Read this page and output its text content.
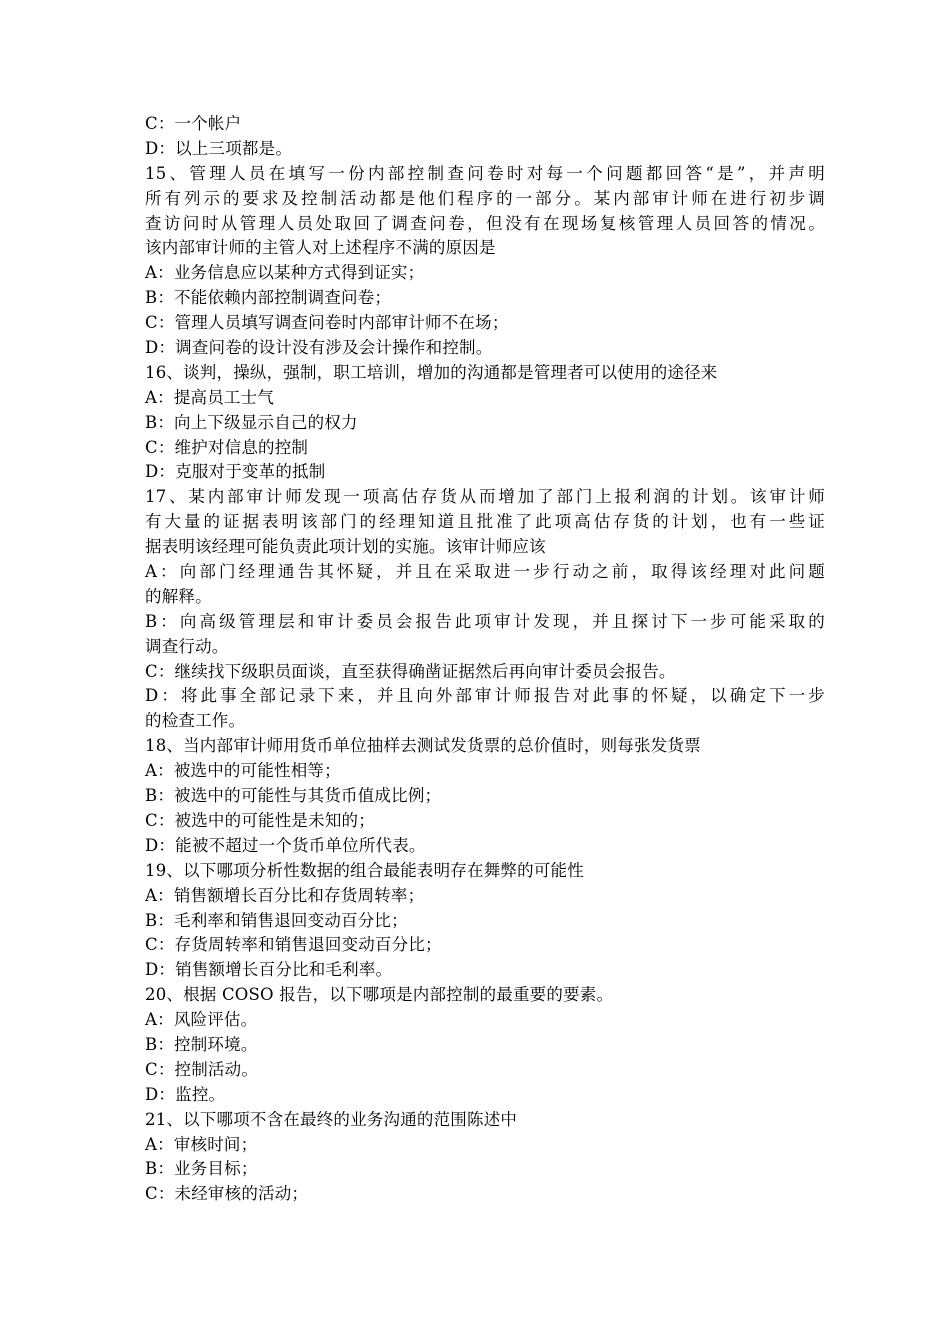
C：一个帐户
D：以上三项都是。
15、管理人员在填写一份内部控制查问卷时对每一个问题都回答“是”，并声明
所有列示的要求及控制活动都是他们程序的一部分。某内部审计师在进行初步调
查访问时从管理人员处取回了调查问卷，但没有在现场复核管理人员回答的情况。
该内部审计师的主管人对上述程序不满的原因是
A：业务信息应以某种方式得到证实；
B：不能依赖内部控制调查问卷；
C：管理人员填写调查问卷时内部审计师不在场；
D：调查问卷的设计没有涉及会计操作和控制。
16、谈判，操纵，强制，职工培训，增加的沟通都是管理者可以使用的途径来
A：提高员工士气
B：向上下级显示自己的权力
C：维护对信息的控制
D：克服对于变革的抵制
17、某内部审计师发现一项高估存货从而增加了部门上报利润的计划。该审计师
有大量的证据表明该部门的经理知道且批准了此项高估存货的计划，也有一些证
据表明该经理可能负责此项计划的实施。该审计师应该
A：向部门经理通告其怀疑，并且在采取进一步行动之前，取得该经理对此问题
的解释。
B：向高级管理层和审计委员会报告此项审计发现，并且探讨下一步可能采取的
调查行动。
C：继续找下级职员面谈，直至获得确凿证据然后再向审计委员会报告。
D：将此事全部记录下来，并且向外部审计师报告对此事的怀疑，以确定下一步
的检查工作。
18、当内部审计师用货币单位抽样去测试发货票的总价值时，则每张发货票
A：被选中的可能性相等；
B：被选中的可能性与其货币值成比例；
C：被选中的可能性是未知的；
D：能被不超过一个货币单位所代表。
19、以下哪项分析性数据的组合最能表明存在舞弊的可能性
A：销售额增长百分比和存货周转率；
B：毛利率和销售退回变动百分比；
C：存货周转率和销售退回变动百分比；
D：销售额增长百分比和毛利率。
20、根据 COSO 报告，以下哪项是内部控制的最重要的要素。
A：风险评估。
B：控制环境。
C：控制活动。
D：监控。
21、以下哪项不含在最终的业务沟通的范围陈述中
A：审核时间；
B：业务目标；
C：未经审核的活动；
